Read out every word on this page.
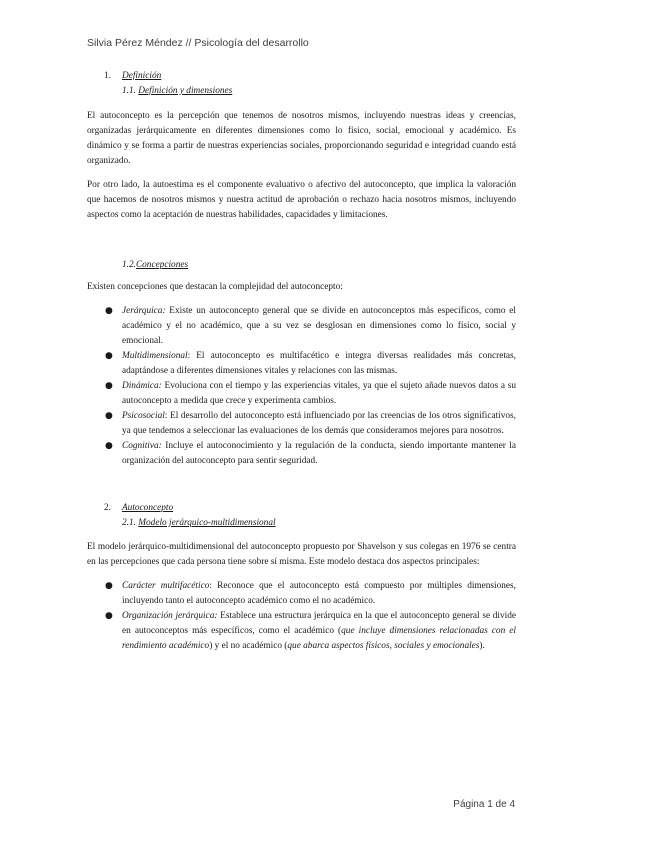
Silvia Pérez Méndez // Psicología del desarrollo
1.	Definición
1.1. Definición y dimensiones

El autoconcepto es la percepción que tenemos de nosotros mismos, incluyendo nuestras ideas y creencias, organizadas jerárquicamente en diferentes dimensiones como lo físico, social, emocional y académico. Es dinámico y se forma a partir de nuestras experiencias sociales, proporcionando seguridad e integridad cuando está organizado.

Por otro lado, la autoestima es el componente evaluativo o afectivo del autoconcepto, que implica la valoración que hacemos de nosotros mismos y nuestra actitud de aprobación o rechazo hacia nosotros mismos, incluyendo aspectos como la aceptación de nuestras habilidades, capacidades y limitaciones.

1.2.Concepciones

Existen concepciones que destacan la complejidad del autoconcepto:

● Jerárquica: Existe un autoconcepto general que se divide en autoconceptos más específicos, como el académico y el no académico, que a su vez se desglosan en dimensiones como lo físico, social y emocional.
● Multidimensional: El autoconcepto es multifacético e integra diversas realidades más concretas, adaptándose a diferentes dimensiones vitales y relaciones con las mismas.
● Dinámica: Evoluciona con el tiempo y las experiencias vitales, ya que el sujeto añade nuevos datos a su autoconcepto a medida que crece y experimenta cambios.
● Psicosocial: El desarrollo del autoconcepto está influenciado por las creencias de los otros significativos, ya que tendemos a seleccionar las evaluaciones de los demás que consideramos mejores para nosotros.
● Cognitiva: Incluye el autoconocimiento y la regulación de la conducta, siendo importante mantener la organización del autoconcepto para sentir seguridad.
2.	Autoconcepto
2.1. Modelo jerárquico-multidimensional

El modelo jerárquico-multidimensional del autoconcepto propuesto por Shavelson y sus colegas en 1976 se centra en las percepciones que cada persona tiene sobre sí misma. Este modelo destaca dos aspectos principales:

● Carácter multifacético: Reconoce que el autoconcepto está compuesto por múltiples dimensiones, incluyendo tanto el autoconcepto académico como el no académico.
● Organización jerárquica: Establece una estructura jerárquica en la que el autoconcepto general se divide en autoconceptos más específicos, como el académico (que incluye dimensiones relacionadas con el rendimiento académico) y el no académico (que abarca aspectos físicos, sociales y emocionales).
Página 1 de 4
